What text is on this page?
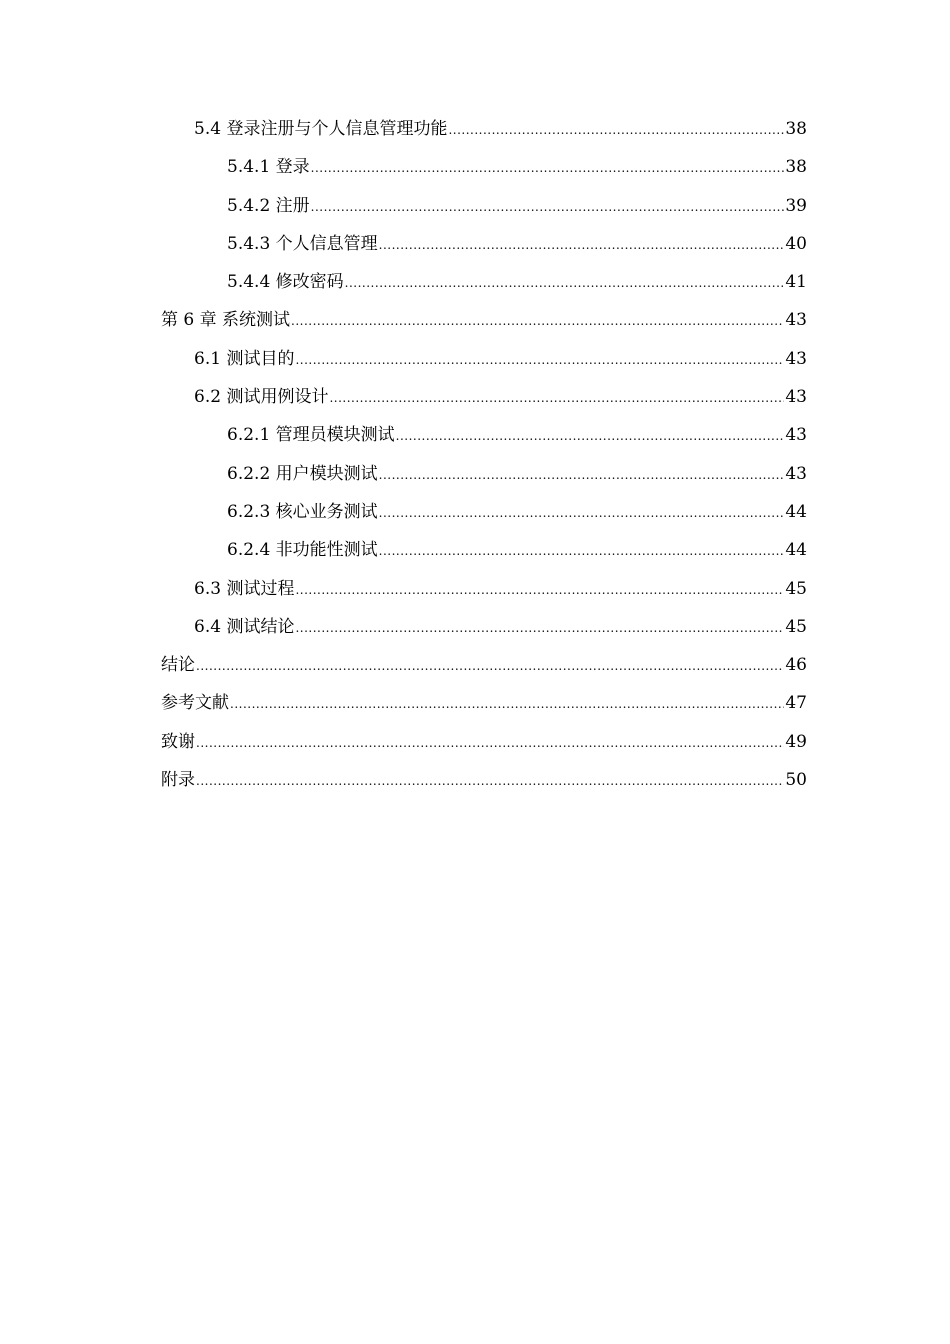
5.4 登录注册与个人信息管理功能 .....	38
5.4.1 登录 .....	38
5.4.2 注册 .....	39
5.4.3 个人信息管理 .....	40
5.4.4 修改密码 .....	41
第 6 章 系统测试 .....	43
6.1 测试目的 .....	43
6.2 测试用例设计 .....	43
6.2.1 管理员模块测试 .....	43
6.2.2 用户模块测试 .....	43
6.2.3 核心业务测试 .....	44
6.2.4 非功能性测试 .....	44
6.3 测试过程 .....	45
6.4 测试结论 .....	45
结论 .....	46
参考文献 .....	47
致谢 .....	49
附录 .....	50
